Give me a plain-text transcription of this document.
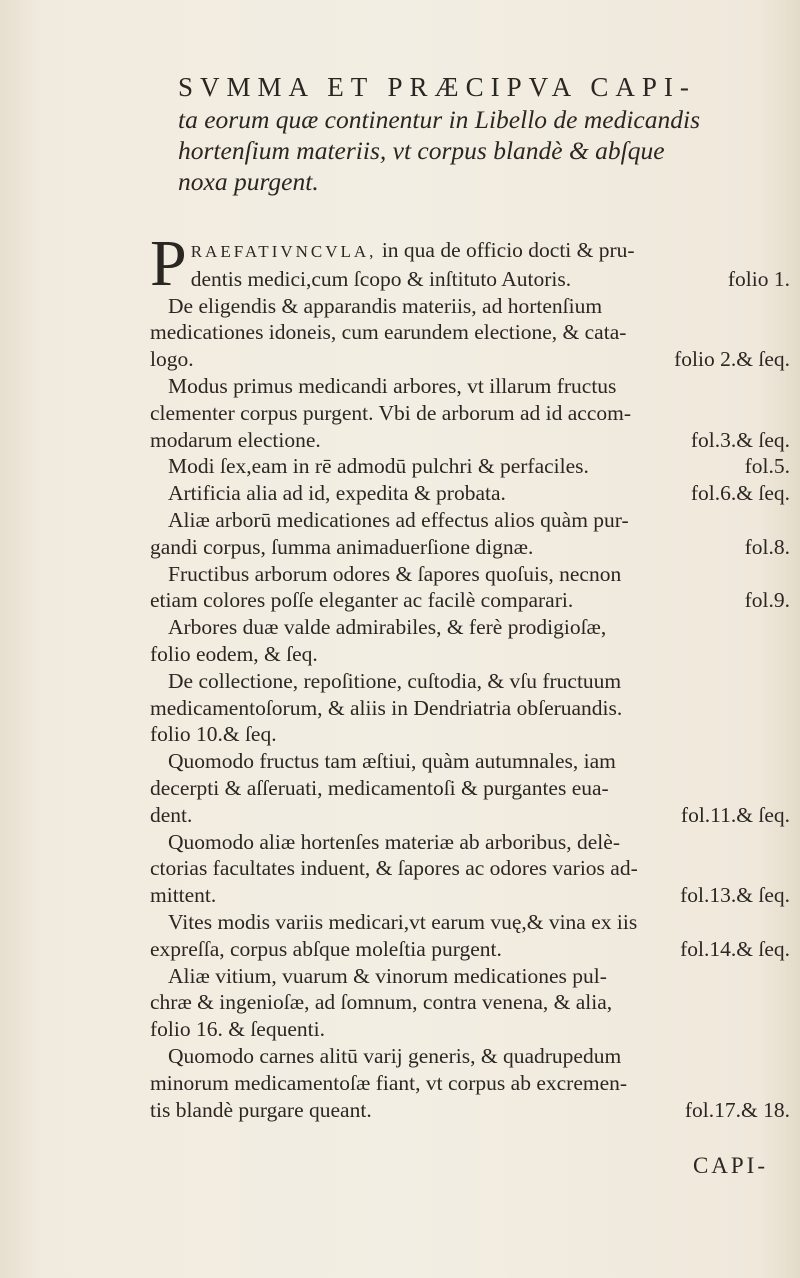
SVMMA ET PRÆCIPVA CAPI-
ta eorum quæ continentur in Libello de medicandis
hortenſium materiis, vt corpus blandè & abſque
noxa purgent.
PRAEFATIVNCVLA, in qua de officio docti & pru-
dentis medici,cum ſcopo & inſtituto Autoris.	folio 1.
De eligendis & apparandis materiis, ad hortenſium
medicationes idoneis, cum earundem electione, & cata-
logo.	folio 2.& ſeq.
Modus primus medicandi arbores, vt illarum fructus
clementer corpus purgent. Vbi de arborum ad id accom-
modarum electione.	fol.3.& ſeq.
Modi ſex,eam in rē admodū pulchri & perfaciles.	fol.5.
Artificia alia ad id, expedita & probata.	fol.6.& ſeq.
Aliæ arborū medicationes ad effectus alios quàm pur-
gandi corpus, ſumma animaduerſione dignæ.	fol.8.
Fructibus arborum odores & ſapores quoſuis, necnon
etiam colores poſſe eleganter ac facilè comparari.	fol.9.
Arbores duæ valde admirabiles, & ferè prodigioſæ,
folio eodem, & ſeq.
De collectione, repoſitione, cuſtodia, & vſu fructuum
medicamentoſorum, & aliis in Dendriatria obſeruandis.
folio 10.& ſeq.
Quomodo fructus tam æſtiui, quàm autumnales, iam
decerpti & aſſeruati, medicamentoſi & purgantes eua-
dent.	fol.11.& ſeq.
Quomodo aliæ hortenſes materiæ ab arboribus, delè-
ctorias facultates induent, & ſapores ac odores varios ad-
mittent.	fol.13.& ſeq.
Vites modis variis medicari,vt earum vuę,& vina ex iis
expreſſa, corpus abſque moleſtia purgent.	fol.14.& ſeq.
Aliæ vitium, vuarum & vinorum medicationes pul-
chræ & ingenioſæ, ad ſomnum, contra venena, & alia,
folio 16. & ſequenti.
Quomodo carnes alitū varij generis, & quadrupedum
minorum medicamentoſæ fiant, vt corpus ab excremen-
tis blandè purgare queant.	fol.17.& 18.
CAPI-
